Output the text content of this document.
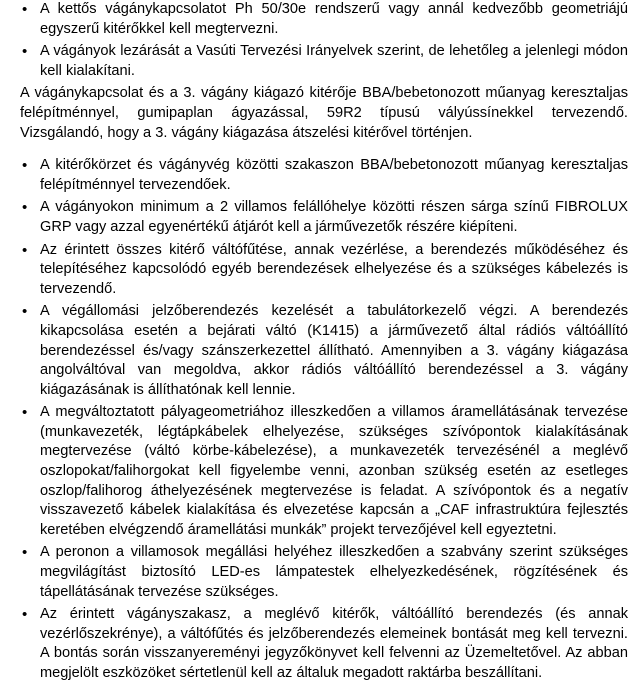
•
A kettős vágánykapcsolatot Ph 50/30e rendszerű vagy annál kedvezőbb geometriájú egyszerű kitérőkkel kell megtervezni.
•
A vágányok lezárását a Vasúti Tervezési Irányelvek szerint, de lehetőleg a jelenlegi módon kell kialakítani.

A vágánykapcsolat és a 3. vágány kiágazó kitérője BBA/bebetonozott műanyag keresztaljas felépítménnyel, gumipaplan ágyazással, 59R2 típusú vályússínekkel tervezendő. Vizsgálandó, hogy a 3. vágány kiágazása átszelési kitérővel történjen.

•
A kitérőkörzet és vágányvég közötti szakaszon BBA/bebetonozott műanyag keresztaljas felépítménnyel tervezendőek.
•
A vágányokon minimum a 2 villamos felállóhelye közötti részen sárga színű FIBROLUX GRP vagy azzal egyenértékű átjárót kell a járművezetők részére kiépíteni.
•
Az érintett összes kitérő váltófűtése, annak vezérlése, a berendezés működéséhez és telepítéséhez kapcsolódó egyéb berendezések elhelyezése és a szükséges kábelezés is tervezendő.
•
A végállomási jelzőberendezés kezelését a tabulátorkezelő végzi. A berendezés kikapcsolása esetén a bejárati váltó (K1415) a járművezető által rádiós váltóállító berendezéssel és/vagy szánszerkezettel állítható. Amennyiben a 3. vágány kiágazása angolváltóval van megoldva, akkor rádiós váltóállító berendezéssel a 3. vágány kiágazásának is állíthatónak kell lennie.
•
A megváltoztatott pályageometriához illeszkedően a villamos áramellátásának tervezése (munkavezeték, légtápkábelek elhelyezése, szükséges szívópontok kialakításának megtervezése (váltó körbe-kábelezése), a munkavezeték tervezésénél a meglévő oszlopokat/falihorgokat kell figyelembe venni, azonban szükség esetén az esetleges oszlop/falihorog áthelyezésének megtervezése is feladat. A szívópontok és a negatív visszavezető kábelek kialakítása és elvezetése kapcsán a „CAF infrastruktúra fejlesztés keretében elvégzendő áramellátási munkák” projekt tervezőjével kell egyeztetni.
•
A peronon a villamosok megállási helyéhez illeszkedően a szabvány szerint szükséges megvilágítást biztosító LED-es lámpatestek elhelyezkedésének, rögzítésének és tápellátásának tervezése szükséges.
•
Az érintett vágányszakasz, a meglévő kitérők, váltóállító berendezés (és annak vezérlőszekrénye), a váltófűtés és jelzőberendezés elemeinek bontását meg kell tervezni. A bontás során visszanyereményi jegyzőkönyvet kell felvenni az Üzemeltetővel. Az abban megjelölt eszközöket sértetlenül kell az általuk megadott raktárba beszállítani.
